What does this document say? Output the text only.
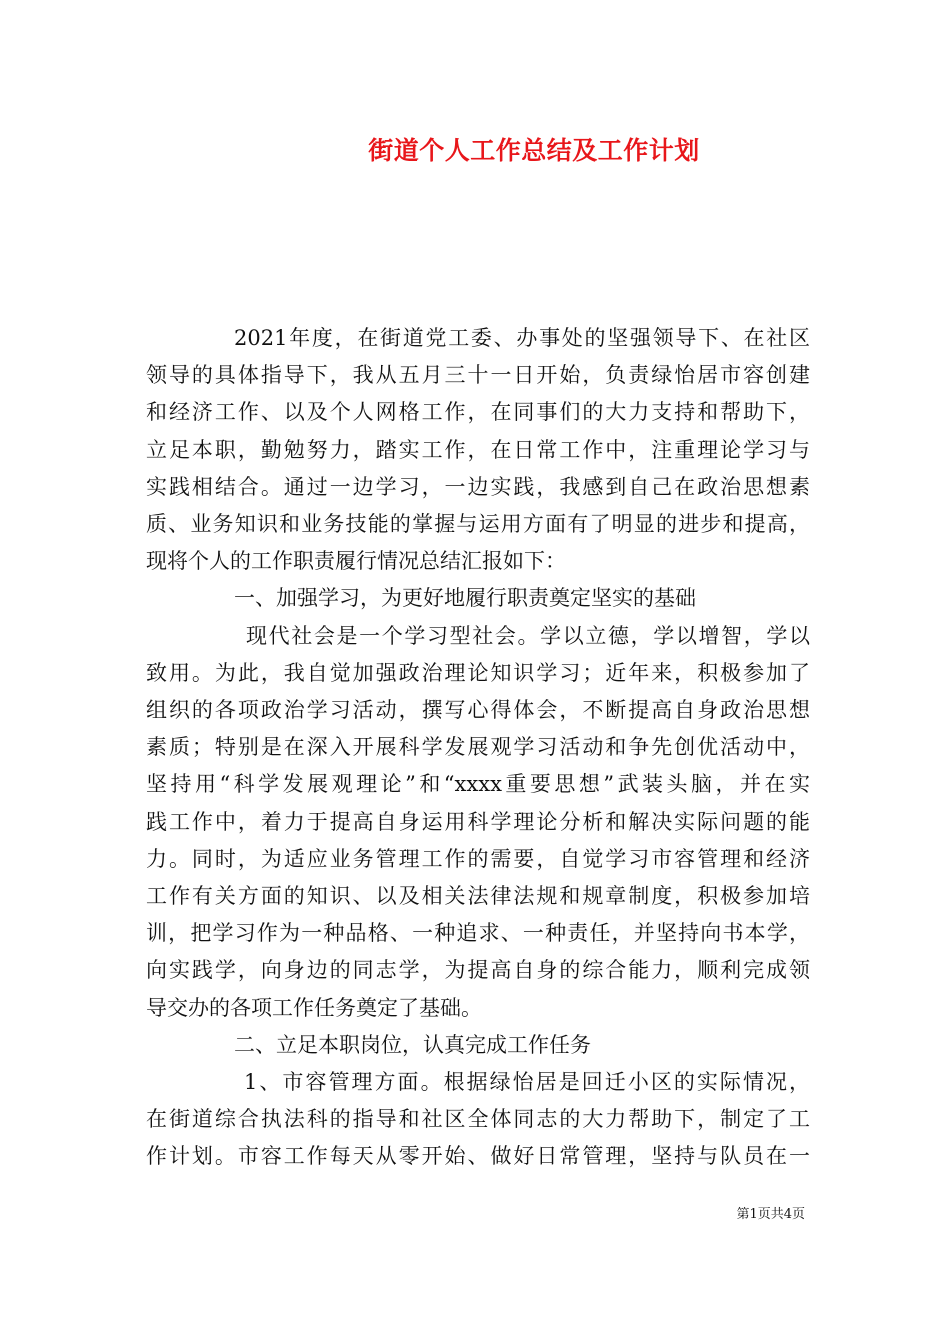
街道个人工作总结及工作计划
2021年度，在街道党工委、办事处的坚强领导下、在社区
领导的具体指导下，我从五月三十一日开始，负责绿怡居市容创建
和经济工作、以及个人网格工作，在同事们的大力支持和帮助下，
立足本职，勤勉努力，踏实工作，在日常工作中，注重理论学习与
实践相结合。通过一边学习，一边实践，我感到自己在政治思想素
质、业务知识和业务技能的掌握与运用方面有了明显的进步和提高，
现将个人的工作职责履行情况总结汇报如下：
一、加强学习，为更好地履行职责奠定坚实的基础
现代社会是一个学习型社会。学以立德，学以增智，学以
致用。为此，我自觉加强政治理论知识学习；近年来，积极参加了
组织的各项政治学习活动，撰写心得体会，不断提高自身政治思想
素质；特别是在深入开展科学发展观学习活动和争先创优活动中，
坚持用“科学发展观理论”和“xxxx重要思想”武装头脑，并在实
践工作中，着力于提高自身运用科学理论分析和解决实际问题的能
力。同时，为适应业务管理工作的需要，自觉学习市容管理和经济
工作有关方面的知识、以及相关法律法规和规章制度，积极参加培
训，把学习作为一种品格、一种追求、一种责任，并坚持向书本学，
向实践学，向身边的同志学，为提高自身的综合能力，顺利完成领
导交办的各项工作任务奠定了基础。
二、立足本职岗位，认真完成工作任务
1、市容管理方面。根据绿怡居是回迁小区的实际情况，
在街道综合执法科的指导和社区全体同志的大力帮助下，制定了工
作计划。市容工作每天从零开始、做好日常管理，坚持与队员在一
第1页共4页
